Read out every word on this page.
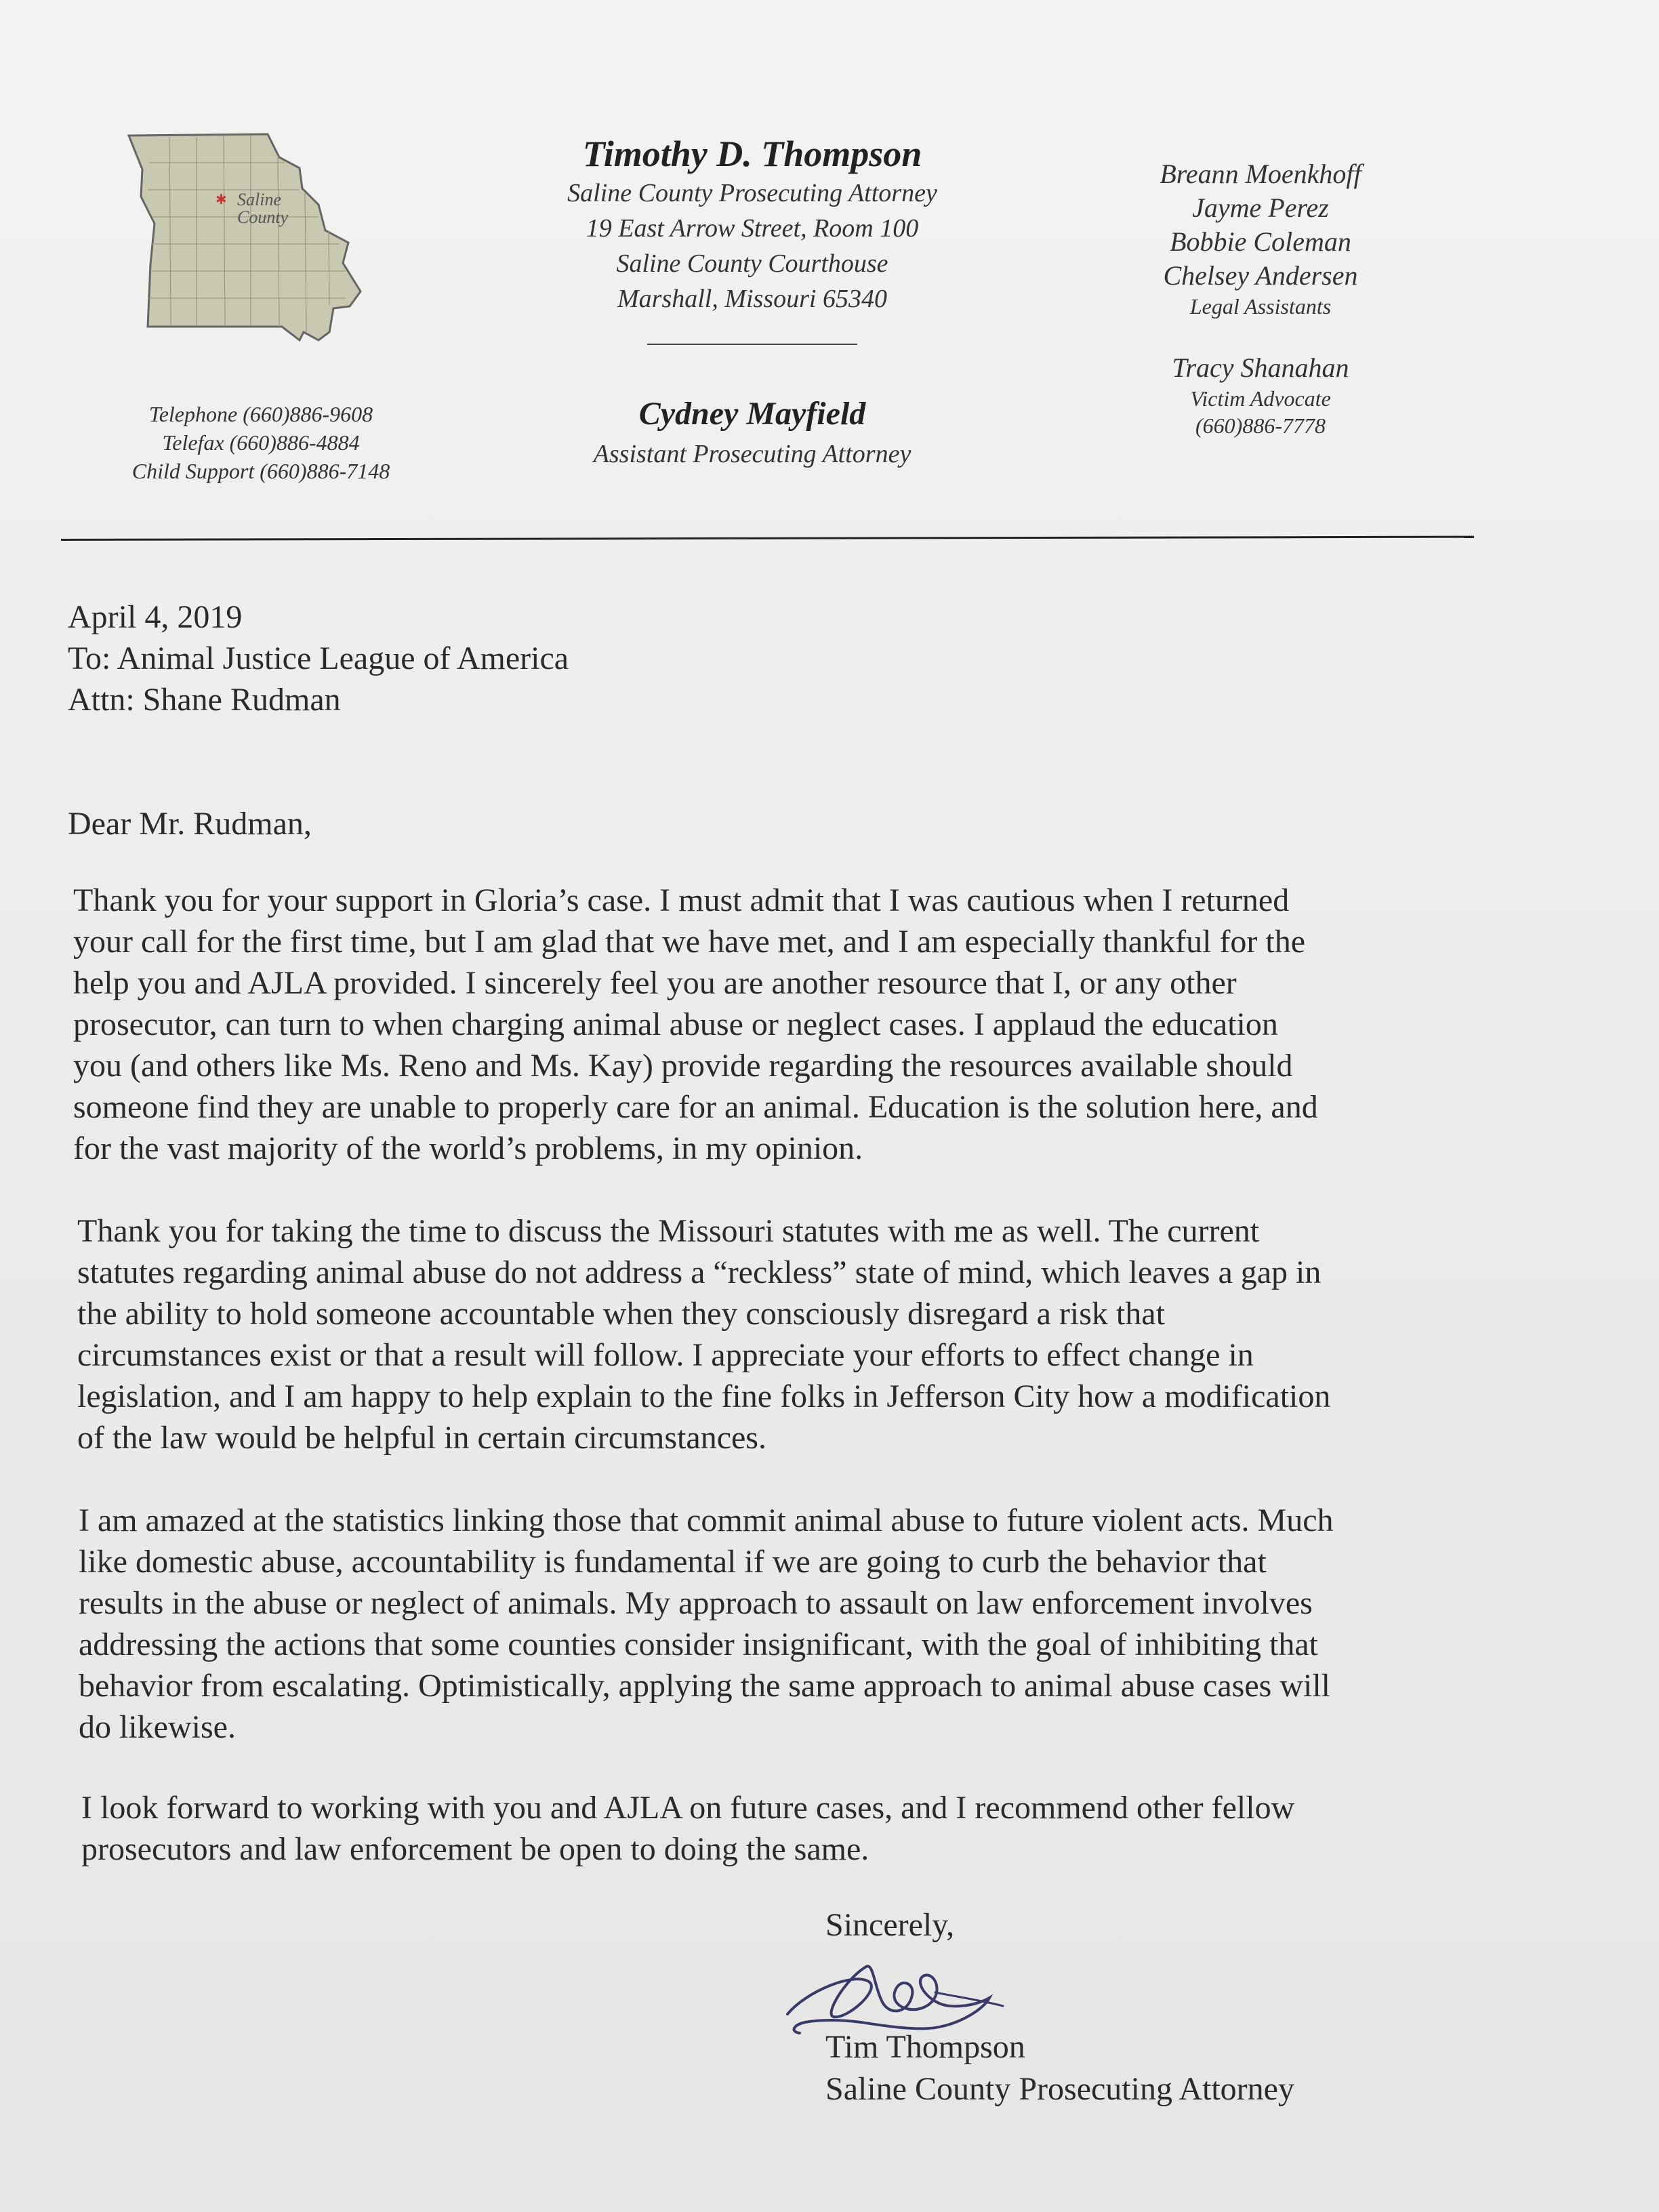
✱ Saline County
Timothy D. Thompson
Saline County Prosecuting Attorney
19 East Arrow Street, Room 100
Saline County Courthouse
Marshall, Missouri 65340
Cydney Mayfield
Assistant Prosecuting Attorney
Breann Moenkhoff
Jayme Perez
Bobbie Coleman
Chelsey Andersen
Legal Assistants
Tracy Shanahan
Victim Advocate
(660)886-7778
Telephone (660)886-9608
Telefax (660)886-4884
Child Support (660)886-7148
April 4, 2019
To: Animal Justice League of America
Attn: Shane Rudman
Dear Mr. Rudman,
Thank you for your support in Gloria’s case. I must admit that I was cautious when I returned
your call for the first time, but I am glad that we have met, and I am especially thankful for the
help you and AJLA provided. I sincerely feel you are another resource that I, or any other
prosecutor, can turn to when charging animal abuse or neglect cases. I applaud the education
you (and others like Ms. Reno and Ms. Kay) provide regarding the resources available should
someone find they are unable to properly care for an animal. Education is the solution here, and
for the vast majority of the world’s problems, in my opinion.
Thank you for taking the time to discuss the Missouri statutes with me as well. The current
statutes regarding animal abuse do not address a “reckless” state of mind, which leaves a gap in
the ability to hold someone accountable when they consciously disregard a risk that
circumstances exist or that a result will follow. I appreciate your efforts to effect change in
legislation, and I am happy to help explain to the fine folks in Jefferson City how a modification
of the law would be helpful in certain circumstances.
I am amazed at the statistics linking those that commit animal abuse to future violent acts. Much
like domestic abuse, accountability is fundamental if we are going to curb the behavior that
results in the abuse or neglect of animals. My approach to assault on law enforcement involves
addressing the actions that some counties consider insignificant, with the goal of inhibiting that
behavior from escalating. Optimistically, applying the same approach to animal abuse cases will
do likewise.
I look forward to working with you and AJLA on future cases, and I recommend other fellow
prosecutors and law enforcement be open to doing the same.
Sincerely,
Tim Thompson
Saline County Prosecuting Attorney
